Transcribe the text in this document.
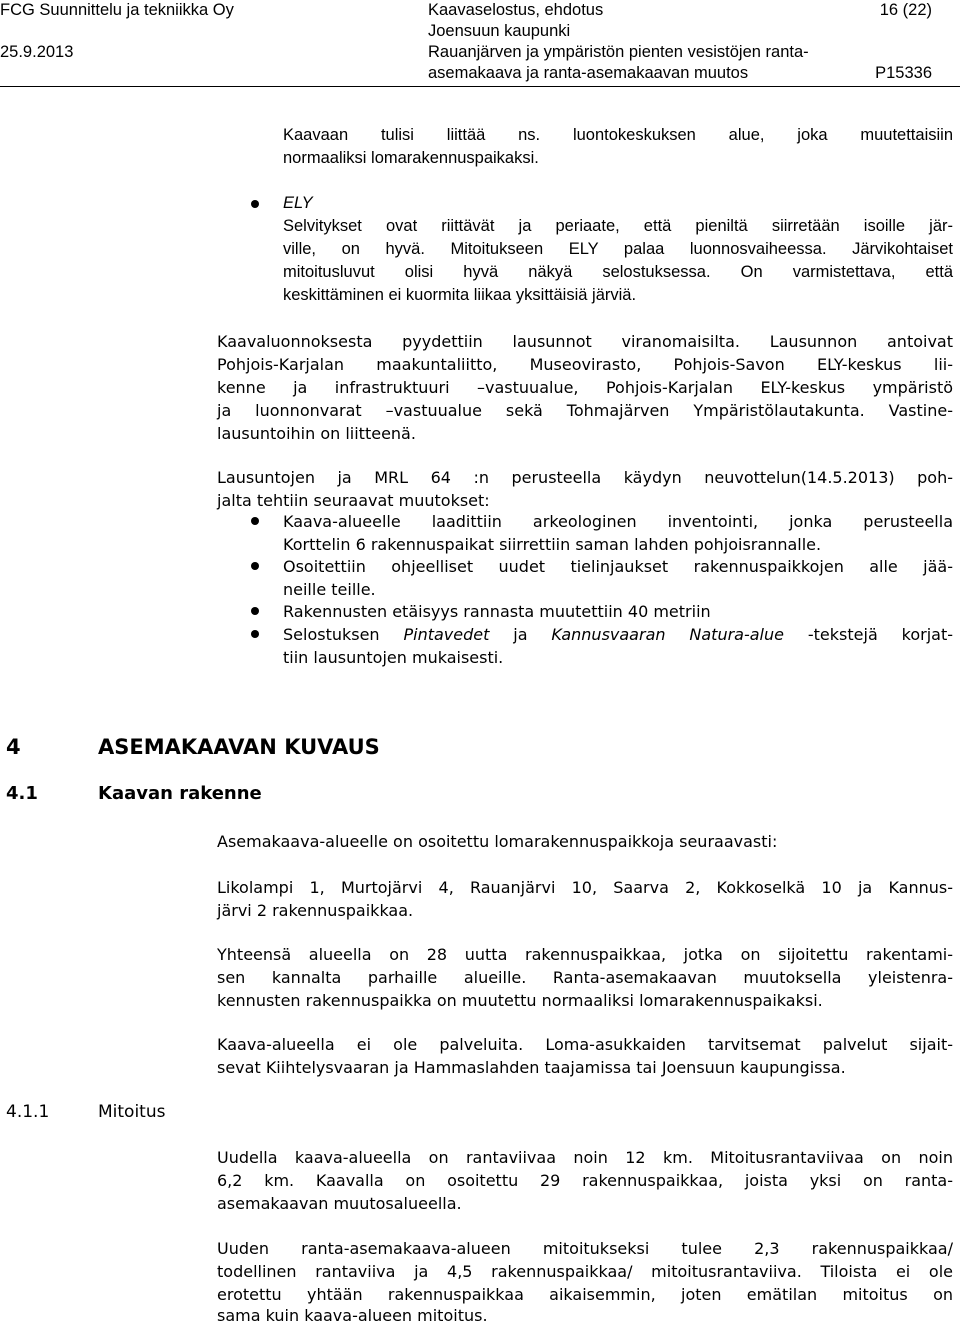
FCG Suunnittelu ja tekniikka Oy
25.9.2013
Kaavaselostus, ehdotus
Joensuun kaupunki
Rauanjärven ja ympäristön pienten vesistöjen ranta-
asemakaava ja ranta-asemakaavan muutos
16 (22)
P15336
Kaavaan tulisi liittää ns. luontokeskuksen alue, joka muutettaisiin
normaaliksi lomarakennuspaikaksi.
ELY
Selvitykset ovat riittävät ja periaate, että pieniltä siirretään isoille jär-
ville, on hyvä. Mitoitukseen ELY palaa luonnosvaiheessa. Järvikohtaiset
mitoitusluvut olisi hyvä näkyä selostuksessa. On varmistettava, että
keskittäminen ei kuormita liikaa yksittäisiä järviä.
Kaavaluonnoksesta pyydettiin lausunnot viranomaisilta. Lausunnon antoivat
Pohjois-Karjalan maakuntaliitto, Museovirasto, Pohjois-Savon ELY-keskus lii-
kenne ja infrastruktuuri –vastuualue, Pohjois-Karjalan ELY-keskus ympäristö
ja luonnonvarat –vastuualue sekä Tohmajärven Ympäristölautakunta. Vastine-
lausuntoihin on liitteenä.
Lausuntojen ja MRL 64 :n perusteella käydyn neuvottelun(14.5.2013) poh-
jalta tehtiin seuraavat muutokset:
Kaava-alueelle laadittiin arkeologinen inventointi, jonka perusteella
Korttelin 6 rakennuspaikat siirrettiin saman lahden pohjoisrannalle.
Osoitettiin ohjeelliset uudet tielinjaukset rakennuspaikkojen alle jää-
neille teille.
Rakennusten etäisyys rannasta muutettiin 40 metriin
Selostuksen Pintavedet ja Kannusvaaran Natura-alue -tekstejä korjat-
tiin lausuntojen mukaisesti.
4	ASEMAKAAVAN KUVAUS
4.1	Kaavan rakenne
Asemakaava-alueelle on osoitettu lomarakennuspaikkoja seuraavasti:
Likolampi 1, Murtojärvi 4, Rauanjärvi 10, Saarva 2, Kokkoselkä 10 ja Kannus-
järvi 2 rakennuspaikkaa.
Yhteensä alueella on 28 uutta rakennuspaikkaa, jotka on sijoitettu rakentami-
sen kannalta parhaille alueille. Ranta-asemakaavan muutoksella yleistenra-
kennusten rakennuspaikka on muutettu normaaliksi lomarakennuspaikaksi.
Kaava-alueella ei ole palveluita. Loma-asukkaiden tarvitsemat palvelut sijait-
sevat Kiihtelysvaaran ja Hammaslahden taajamissa tai Joensuun kaupungissa.
4.1.1	Mitoitus
Uudella kaava-alueella on rantaviivaa noin 12 km. Mitoitusrantaviivaa on noin
6,2 km. Kaavalla on osoitettu 29 rakennuspaikkaa, joista yksi on ranta-
asemakaavan muutosalueella.
Uuden ranta-asemakaava-alueen mitoitukseksi tulee 2,3 rakennuspaikkaa/
todellinen rantaviiva ja 4,5 rakennuspaikkaa/ mitoitusrantaviiva. Tiloista ei ole
erotettu yhtään rakennuspaikkaa aikaisemmin, joten emätilan mitoitus on
sama kuin kaava-alueen mitoitus.
